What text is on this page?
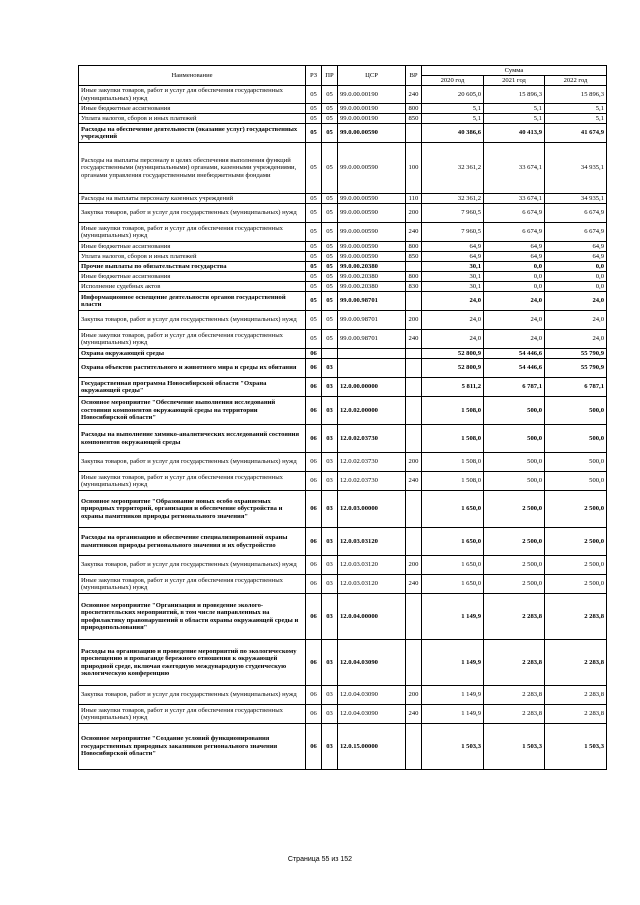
Наименование	РЗ	ПР	ЦСР	ВР	Сумма		
					2020 год	2021 год	2022 год
Иные закупки товаров, работ и услуг для обеспечения государственных (муниципальных) нужд	05	05	99.0.00.00190	240	20 605,0	15 896,3	15 896,3
Иные бюджетные ассигнования	05	05	99.0.00.00190	800	5,1	5,1	5,1
Уплата налогов, сборов и иных платежей	05	05	99.0.00.00190	850	5,1	5,1	5,1
Расходы на обеспечение деятельности (оказание услуг) государственных учреждений	05	05	99.0.00.00590		40 386,6	40 413,9	41 674,9
Расходы на выплаты персоналу в целях обеспечения выполнения функций государственными (муниципальными) органами, казенными учреждениями, органами управления государственными внебюджетными фондами	05	05	99.0.00.00590	100	32 361,2	33 674,1	34 935,1
Расходы на выплаты персоналу казенных учреждений	05	05	99.0.00.00590	110	32 361,2	33 674,1	34 935,1
Закупка товаров, работ и услуг для государственных (муниципальных) нужд	05	05	99.0.00.00590	200	7 960,5	6 674,9	6 674,9
Иные закупки товаров, работ и услуг для обеспечения государственных (муниципальных) нужд	05	05	99.0.00.00590	240	7 960,5	6 674,9	6 674,9
Иные бюджетные ассигнования	05	05	99.0.00.00590	800	64,9	64,9	64,9
Уплата налогов, сборов и иных платежей	05	05	99.0.00.00590	850	64,9	64,9	64,9
Прочие выплаты по обязательствам государства	05	05	99.0.00.20380		30,1	0,0	0,0
Иные бюджетные ассигнования	05	05	99.0.00.20380	800	30,1	0,0	0,0
Исполнение судебных актов	05	05	99.0.00.20380	830	30,1	0,0	0,0
Информационное освещение деятельности органов государственной власти	05	05	99.0.00.98701		24,0	24,0	24,0
Закупка товаров, работ и услуг для государственных (муниципальных) нужд	05	05	99.0.00.98701	200	24,0	24,0	24,0
Иные закупки товаров, работ и услуг для обеспечения государственных (муниципальных) нужд	05	05	99.0.00.98701	240	24,0	24,0	24,0
Охрана окружающей среды	06				52 800,9	54 446,6	55 790,9
Охрана объектов растительного и животного мира и среды их обитания	06	03			52 800,9	54 446,6	55 790,9
Государственная программа Новосибирской области "Охрана окружающей среды"	06	03	12.0.00.00000		5 811,2	6 787,1	6 787,1
Основное мероприятие "Обеспечение выполнения исследований состояния компонентов окружающей среды на территории Новосибирской области"	06	03	12.0.02.00000		1 508,0	500,0	500,0
Расходы на выполнение химико-аналитических исследований состояния компонентов окружающей среды	06	03	12.0.02.03730		1 508,0	500,0	500,0
Закупка товаров, работ и услуг для государственных (муниципальных) нужд	06	03	12.0.02.03730	200	1 508,0	500,0	500,0
Иные закупки товаров, работ и услуг для обеспечения государственных (муниципальных) нужд	06	03	12.0.02.03730	240	1 508,0	500,0	500,0
Основное мероприятие "Образование новых особо охраняемых природных территорий, организация и обеспечение обустройства и охраны памятников природы регионального значения"	06	03	12.0.03.00000		1 650,0	2 500,0	2 500,0
Расходы на организацию и обеспечение специализированной охраны памятников природы регионального значения и их обустройство	06	03	12.0.03.03120		1 650,0	2 500,0	2 500,0
Закупка товаров, работ и услуг для государственных (муниципальных) нужд	06	03	12.0.03.03120	200	1 650,0	2 500,0	2 500,0
Иные закупки товаров, работ и услуг для обеспечения государственных (муниципальных) нужд	06	03	12.0.03.03120	240	1 650,0	2 500,0	2 500,0
Основное мероприятие "Организация и проведение эколого-просветительских мероприятий, в том числе направленных на профилактику правонарушений в области охраны окружающей среды и природопользования"	06	03	12.0.04.00000		1 149,9	2 283,8	2 283,8
Расходы на организацию и проведение мероприятий по экологическому просвещению и пропаганде бережного отношения к окружающей природной среде, включая ежегодную международную студенческую экологическую конференцию	06	03	12.0.04.03090		1 149,9	2 283,8	2 283,8
Закупка товаров, работ и услуг для государственных (муниципальных) нужд	06	03	12.0.04.03090	200	1 149,9	2 283,8	2 283,8
Иные закупки товаров, работ и услуг для обеспечения государственных (муниципальных) нужд	06	03	12.0.04.03090	240	1 149,9	2 283,8	2 283,8
Основное мероприятие "Создание условий функционирования государственных природных заказников регионального значения Новосибирской области"	06	03	12.0.15.00000		1 503,3	1 503,3	1 503,3
Страница 55 из 152
